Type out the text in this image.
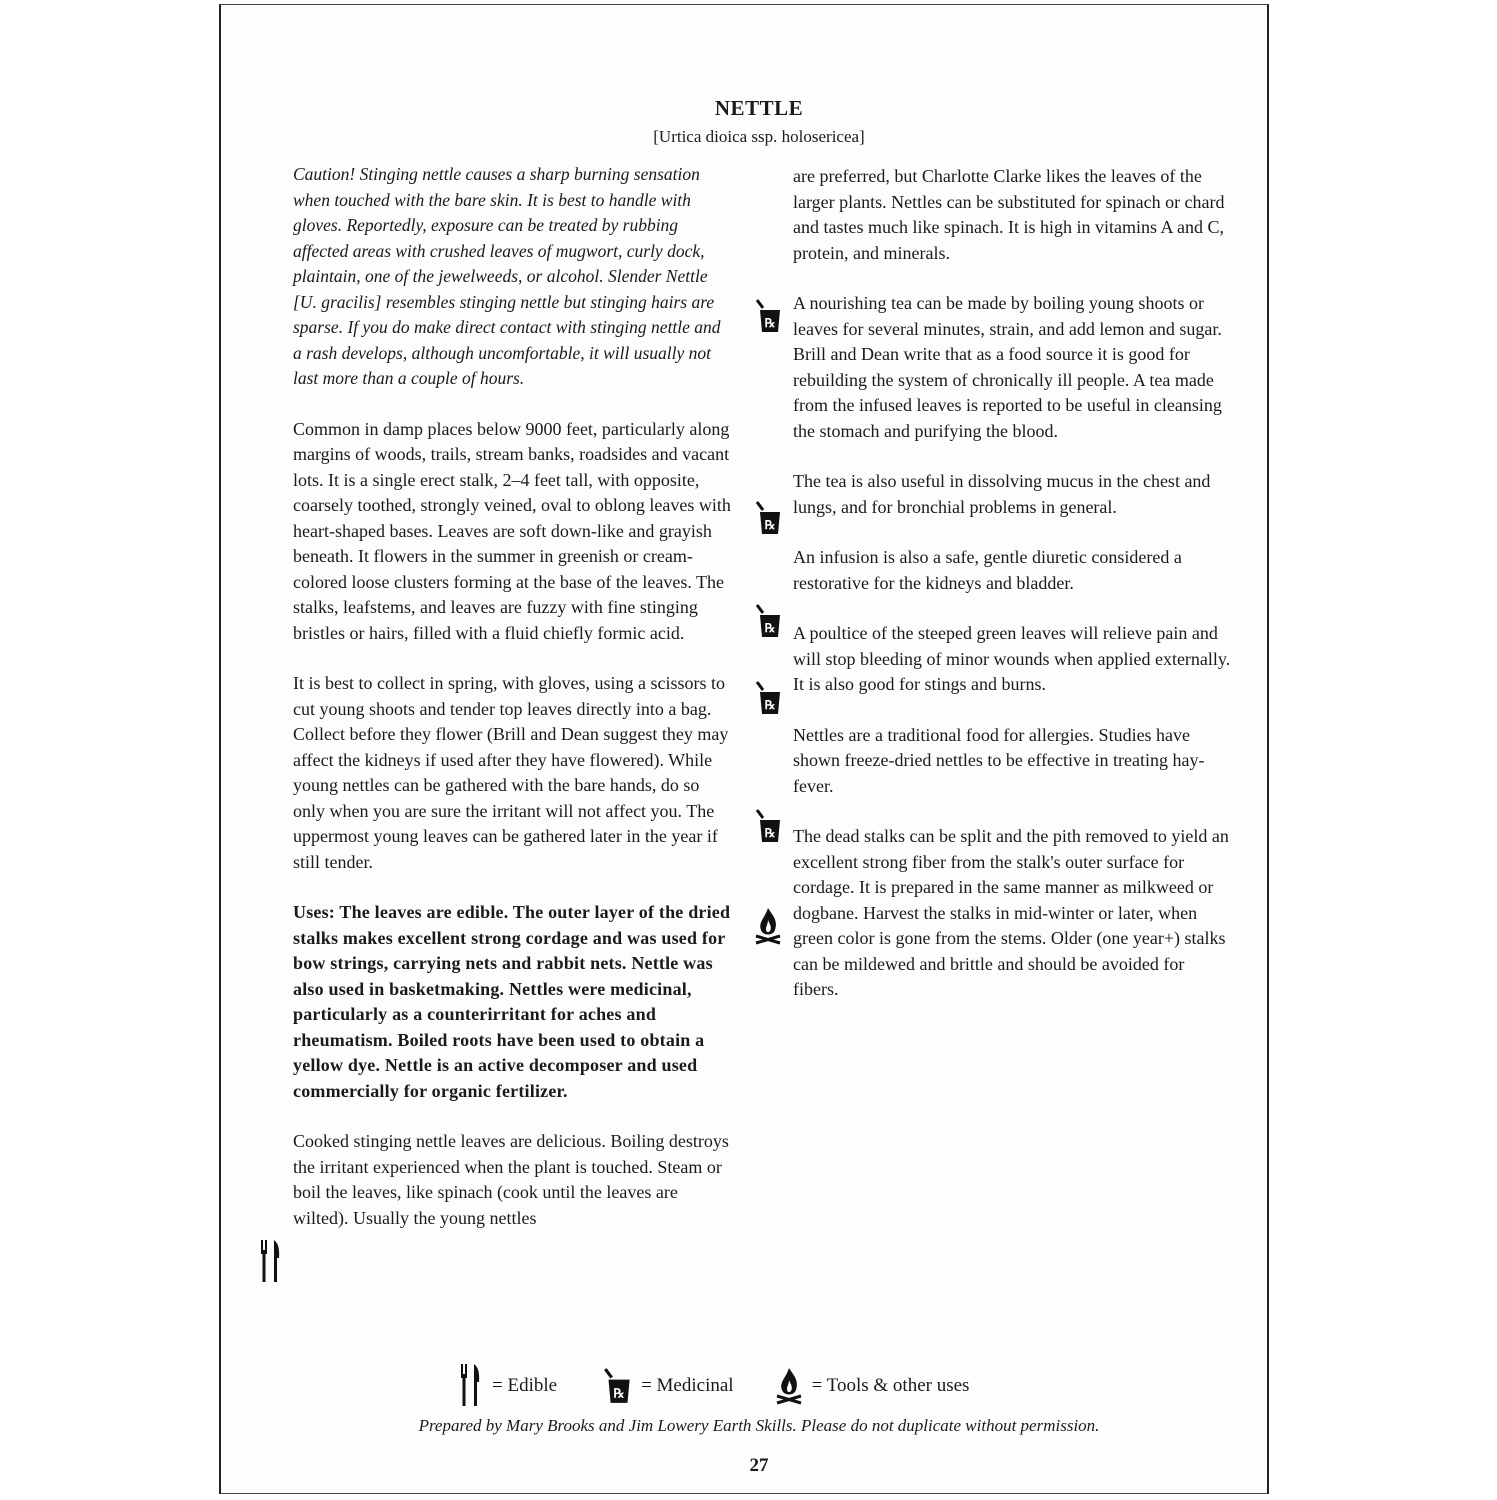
NETTLE
[Urtica dioica ssp. holosericea]

Caution! Stinging nettle causes a sharp burning sensation when touched with the bare skin. It is best to handle with gloves. Reportedly, exposure can be treated by rubbing affected areas with crushed leaves of mugwort, curly dock, plaintain, one of the jewelweeds, or alcohol. Slender Nettle [U. gracilis] resembles stinging nettle but stinging hairs are sparse. If you do make direct contact with stinging nettle and a rash develops, although uncomfortable, it will usually not last more than a couple of hours.

Common in damp places below 9000 feet, particularly along margins of woods, trails, stream banks, roadsides and vacant lots. It is a single erect stalk, 2–4 feet tall, with opposite, coarsely toothed, strongly veined, oval to oblong leaves with heart-shaped bases. Leaves are soft down-like and grayish beneath. It flowers in the summer in greenish or cream-colored loose clusters forming at the base of the leaves. The stalks, leafstems, and leaves are fuzzy with fine stinging bristles or hairs, filled with a fluid chiefly formic acid.

It is best to collect in spring, with gloves, using a scissors to cut young shoots and tender top leaves directly into a bag. Collect before they flower (Brill and Dean suggest they may affect the kidneys if used after they have flowered). While young nettles can be gathered with the bare hands, do so only when you are sure the irritant will not affect you. The uppermost young leaves can be gathered later in the year if still tender.

Uses: The leaves are edible. The outer layer of the dried stalks makes excellent strong cordage and was used for bow strings, carrying nets and rabbit nets. Nettle was also used in basketmaking. Nettles were medicinal, particularly as a counterirritant for aches and rheumatism. Boiled roots have been used to obtain a yellow dye. Nettle is an active decomposer and used commercially for organic fertilizer.

Cooked stinging nettle leaves are delicious. Boiling destroys the irritant experienced when the plant is touched. Steam or boil the leaves, like spinach (cook until the leaves are wilted). Usually the young nettles

are preferred, but Charlotte Clarke likes the leaves of the larger plants. Nettles can be substituted for spinach or chard and tastes much like spinach. It is high in vitamins A and C, protein, and minerals.

A nourishing tea can be made by boiling young shoots or leaves for several minutes, strain, and add lemon and sugar. Brill and Dean write that as a food source it is good for rebuilding the system of chronically ill people. A tea made from the infused leaves is reported to be useful in cleansing the stomach and purifying the blood.

The tea is also useful in dissolving mucus in the chest and lungs, and for bronchial problems in general.

An infusion is also a safe, gentle diuretic considered a restorative for the kidneys and bladder.

A poultice of the steeped green leaves will relieve pain and will stop bleeding of minor wounds when applied externally. It is also good for stings and burns.

Nettles are a traditional food for allergies. Studies have shown freeze-dried nettles to be effective in treating hay-fever.

The dead stalks can be split and the pith removed to yield an excellent strong fiber from the stalk's outer surface for cordage. It is prepared in the same manner as milkweed or dogbane. Harvest the stalks in mid-winter or later, when green color is gone from the stems. Older (one year+) stalks can be mildewed and brittle and should be avoided for fibers.

℞
℞
℞
℞
℞
= Edible	℞ = Medicinal	= Tools & other uses
Prepared by Mary Brooks and Jim Lowery Earth Skills. Please do not duplicate without permission.
27
